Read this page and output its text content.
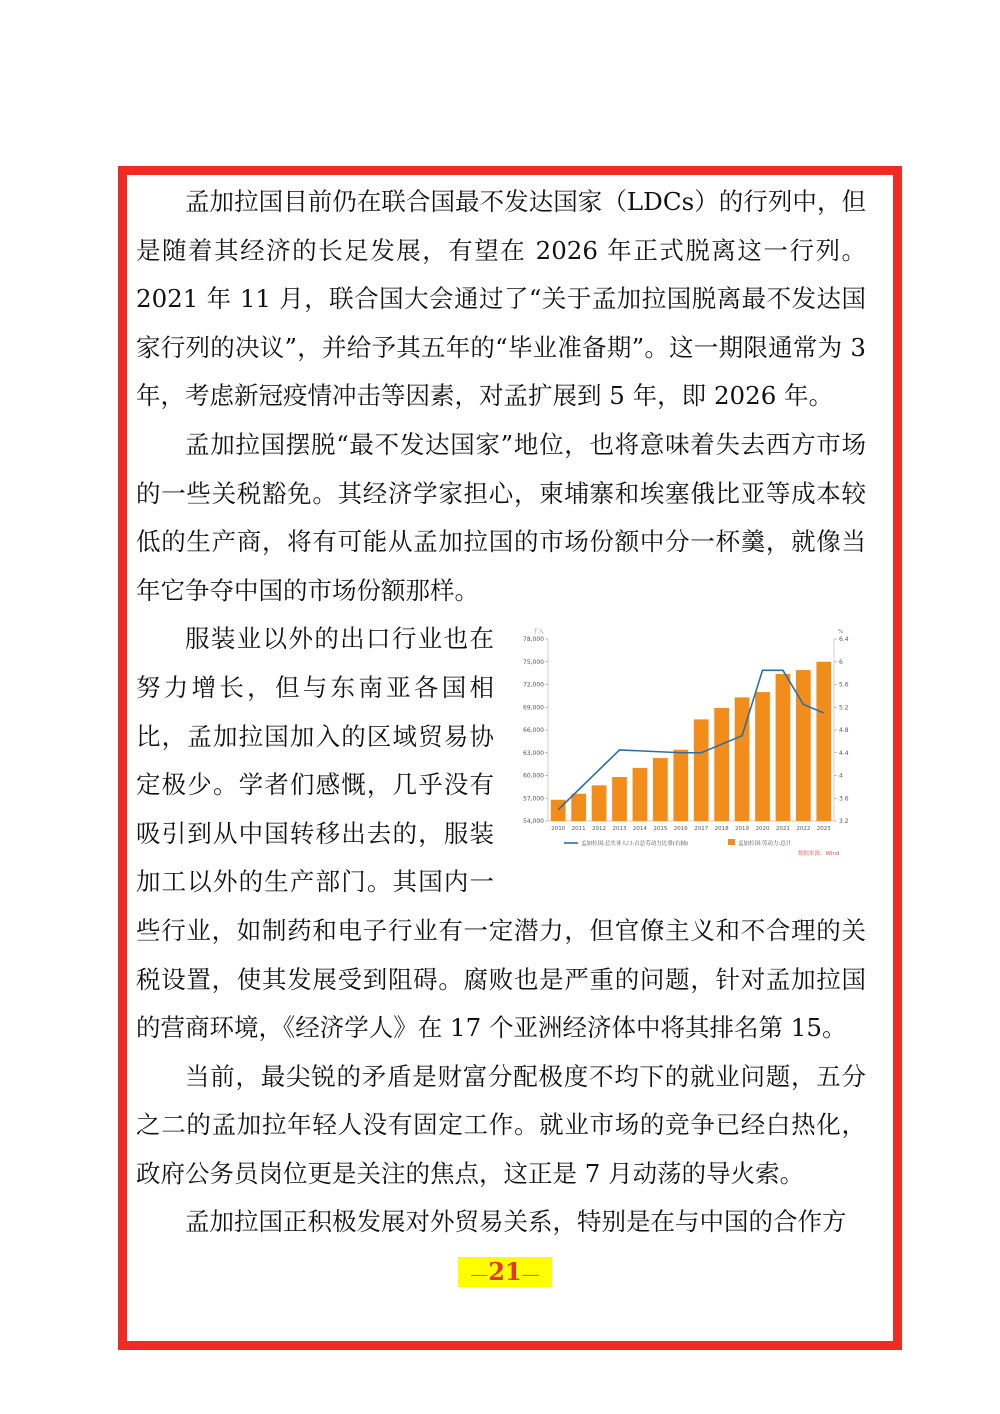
孟加拉国目前仍在联合国最不发达国家（LDCs）的行列中，但是随着其经济的长足发展，有望在 2026 年正式脱离这一行列。2021 年 11 月，联合国大会通过了“关于孟加拉国脱离最不发达国家行列的决议”，并给予其五年的“毕业准备期”。这一期限通常为 3 年，考虑新冠疫情冲击等因素，对孟扩展到 5 年，即 2026 年。

孟加拉国摆脱“最不发达国家”地位，也将意味着失去西方市场的一些关税豁免。其经济学家担心，柬埔寨和埃塞俄比亚等成本较低的生产商，将有可能从孟加拉国的市场份额中分一杯羹，就像当年它争夺中国的市场份额那样。

千人	%
78,000
75,000
72,000
69,000
66,000
63,000
60,000
57,000
54,000
6.4
6
5.6
5.2
4.8
4.4
4
3.6
3.2
2010 2011 2012 2013 2014 2015 2016 2017 2018 2019 2020 2021 2022 2023
孟加拉国:总失业人口:占总劳动力比重(右轴)	孟加拉国:劳动力:总计
数据来源：Wind
服装业以外的出口行业也在努力增长，但与东南亚各国相比，孟加拉国加入的区域贸易协定极少。学者们感慨，几乎没有吸引到从中国转移出去的，服装加工以外的生产部门。其国内一些行业，如制药和电子行业有一定潜力，但官僚主义和不合理的关税设置，使其发展受到阻碍。腐败也是严重的问题，针对孟加拉国的营商环境，《经济学人》在 17 个亚洲经济体中将其排名第 15。

当前，最尖锐的矛盾是财富分配极度不均下的就业问题，五分之二的孟加拉年轻人没有固定工作。就业市场的竞争已经白热化，政府公务员岗位更是关注的焦点，这正是 7 月动荡的导火索。

孟加拉国正积极发展对外贸易关系，特别是在与中国的合作方

—21—
